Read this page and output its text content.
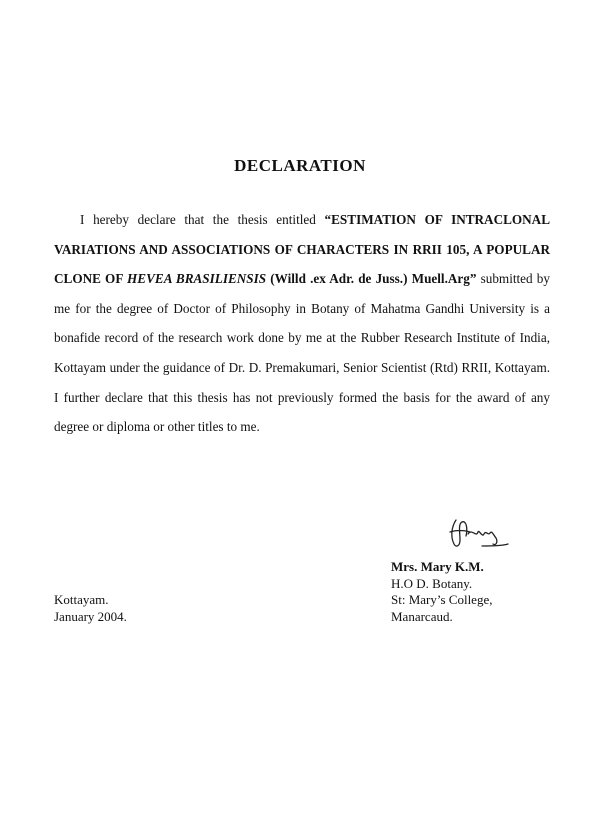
DECLARATION
I hereby declare that the thesis entitled “ESTIMATION OF INTRACLONAL VARIATIONS AND ASSOCIATIONS OF CHARACTERS IN RRII 105, A POPULAR CLONE OF HEVEA BRASILIENSIS (Willd .ex Adr. de Juss.) Muell.Arg” submitted by me for the degree of Doctor of Philosophy in Botany of Mahatma Gandhi University is a bonafide record of the research work done by me at the Rubber Research Institute of India, Kottayam under the guidance of Dr. D. Premakumari, Senior Scientist (Rtd) RRII, Kottayam. I further declare that this thesis has not previously formed the basis for the award of any degree or diploma or other titles to me.
Mrs. Mary K.M.
H.O D. Botany.
St: Mary’s College,
Manarcaud.
Kottayam.
January 2004.
